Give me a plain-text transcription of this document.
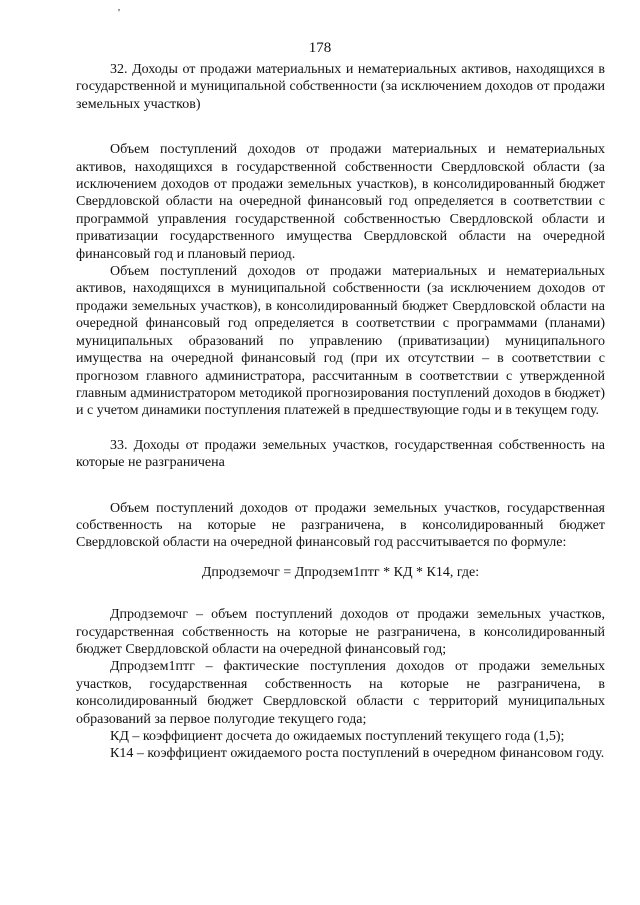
'
178

32. Доходы от продажи материальных и нематериальных активов, находящихся в государственной и муниципальной собственности (за исключением доходов от продажи земельных участков)

Объем поступлений доходов от продажи материальных и нематериальных активов, находящихся в государственной собственности Свердловской области (за исключением доходов от продажи земельных участков), в консолидированный бюджет Свердловской области на очередной финансовый год определяется в соответствии с программой управления государственной собственностью Свердловской области и приватизации государственного имущества Свердловской области на очередной финансовый год и плановый период.

Объем поступлений доходов от продажи материальных и нематериальных активов, находящихся в муниципальной собственности (за исключением доходов от продажи земельных участков), в консолидированный бюджет Свердловской области на очередной финансовый год определяется в соответствии с программами (планами) муниципальных образований по управлению (приватизации) муниципального имущества на очередной финансовый год (при их отсутствии – в соответствии с прогнозом главного администратора, рассчитанным в соответствии с утвержденной главным администратором методикой прогнозирования поступлений доходов в бюджет) и с учетом динамики поступления платежей в предшествующие годы и в текущем году.

33. Доходы от продажи земельных участков, государственная собственность на которые не разграничена

Объем поступлений доходов от продажи земельных участков, государственная собственность на которые не разграничена, в консолидированный бюджет Свердловской области на очередной финансовый год рассчитывается по формуле:

Дпродземочг = Дпродзем1птг * КД * К14, где:

Дпродземочг – объем поступлений доходов от продажи земельных участков, государственная собственность на которые не разграничена, в консолидированный бюджет Свердловской области на очередной финансовый год;

Дпродзем1птг – фактические поступления доходов от продажи земельных участков, государственная собственность на которые не разграничена, в консолидированный бюджет Свердловской области с территорий муниципальных образований за первое полугодие текущего года;

КД – коэффициент досчета до ожидаемых поступлений текущего года (1,5);

К14 – коэффициент ожидаемого роста поступлений в очередном финансовом году.
